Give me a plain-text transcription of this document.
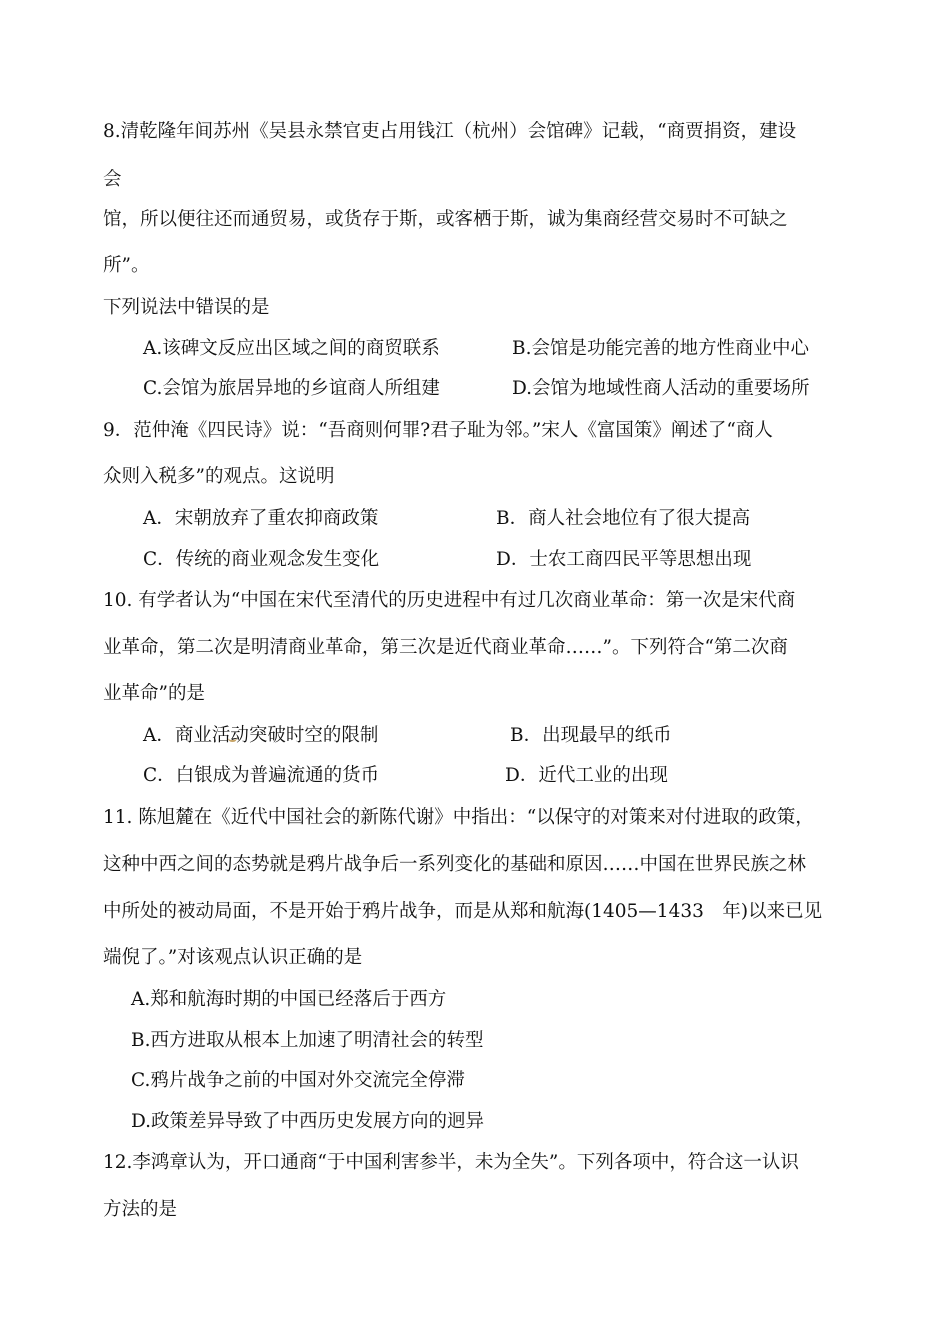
8.清乾隆年间苏州《吴县永禁官吏占用钱江（杭州）会馆碑》记载，“商贾捐资，建设
会
馆，所以便往还而通贸易，或货存于斯，或客栖于斯，诚为集商经营交易时不可缺之
所”。
下列说法中错误的是
A.该碑文反应出区域之间的商贸联系	B.会馆是功能完善的地方性商业中心
C.会馆为旅居异地的乡谊商人所组建	D.会馆为地域性商人活动的重要场所
9．范仲淹《四民诗》说：“吾商则何罪?君子耻为邻。”宋人《富国策》阐述了“商人
众则入税多”的观点。这说明
A．宋朝放弃了重农抑商政策	B．商人社会地位有了很大提高
C．传统的商业观念发生变化	D．士农工商四民平等思想出现
10. 有学者认为“中国在宋代至清代的历史进程中有过几次商业革命：第一次是宋代商
业革命，第二次是明清商业革命，第三次是近代商业革命……”。下列符合“第二次商
业革命”的是
A．商业活动突破时空的限制	B．出现最早的纸币
C．白银成为普遍流通的货币	D．近代工业的出现
11. 陈旭麓在《近代中国社会的新陈代谢》中指出：“以保守的对策来对付进取的政策，
这种中西之间的态势就是鸦片战争后一系列变化的基础和原因……中国在世界民族之林
中所处的被动局面，不是开始于鸦片战争，而是从郑和航海(1405—1433　年)以来已见
端倪了。”对该观点认识正确的是
A.郑和航海时期的中国已经落后于西方
B.西方进取从根本上加速了明清社会的转型
C.鸦片战争之前的中国对外交流完全停滞
D.政策差异导致了中西历史发展方向的迥异
12.李鸿章认为，开口通商“于中国利害参半，未为全失”。下列各项中，符合这一认识
方法的是
